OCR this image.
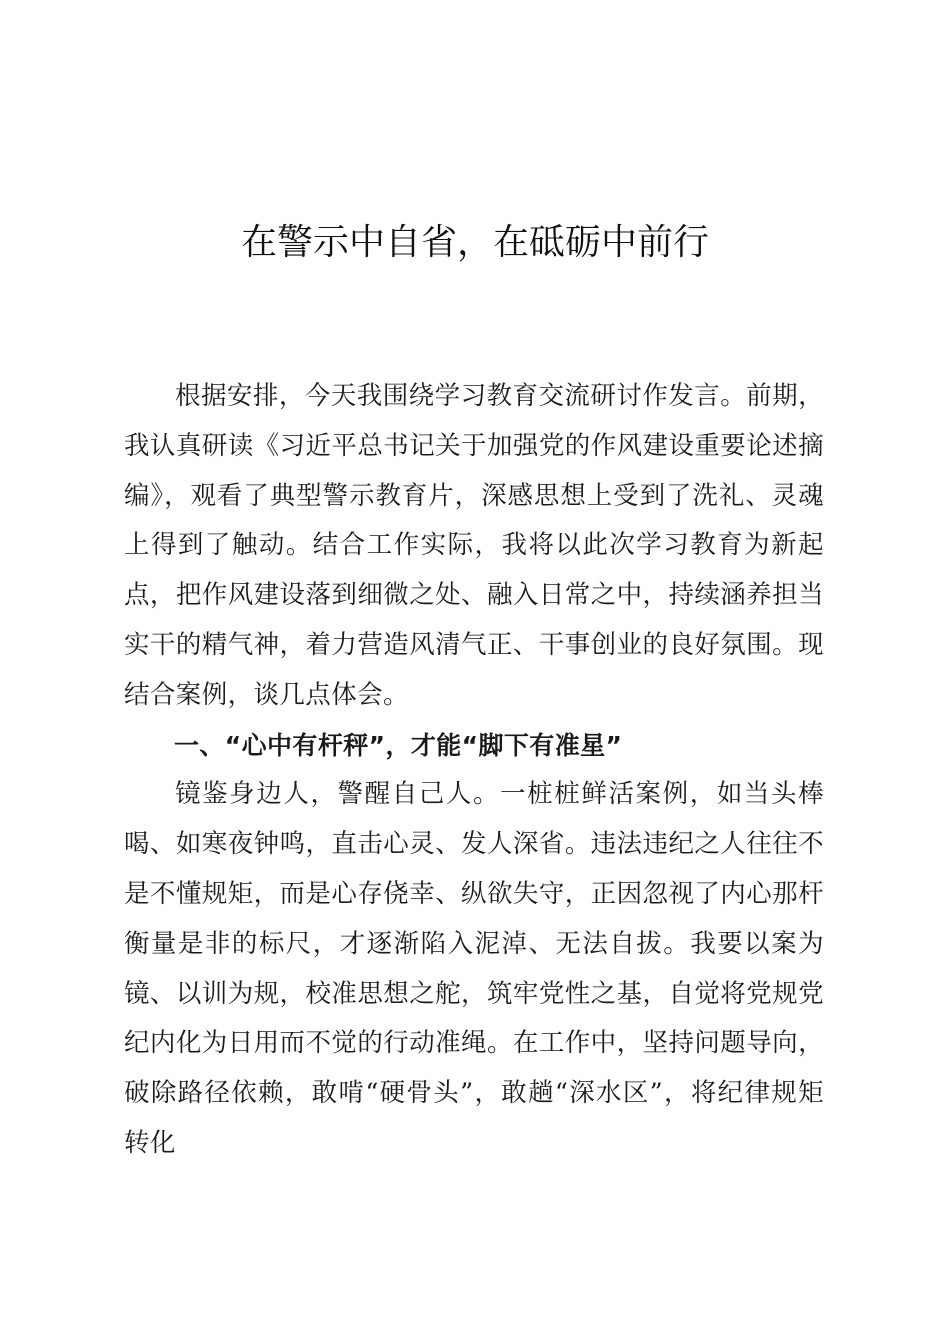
在警示中自省，在砥砺中前行

根据安排，今天我围绕学习教育交流研讨作发言。前期，我认真研读《习近平总书记关于加强党的作风建设重要论述摘编》，观看了典型警示教育片，深感思想上受到了洗礼、灵魂上得到了触动。结合工作实际，我将以此次学习教育为新起点，把作风建设落到细微之处、融入日常之中，持续涵养担当实干的精气神，着力营造风清气正、干事创业的良好氛围。现结合案例，谈几点体会。

一、“心中有杆秤”，才能“脚下有准星”

镜鉴身边人，警醒自己人。一桩桩鲜活案例，如当头棒喝、如寒夜钟鸣，直击心灵、发人深省。违法违纪之人往往不是不懂规矩，而是心存侥幸、纵欲失守，正因忽视了内心那杆衡量是非的标尺，才逐渐陷入泥淖、无法自拔。我要以案为镜、以训为规，校准思想之舵，筑牢党性之基，自觉将党规党纪内化为日用而不觉的行动准绳。在工作中，坚持问题导向，破除路径依赖，敢啃“硬骨头”，敢趟“深水区”，将纪律规矩转化
